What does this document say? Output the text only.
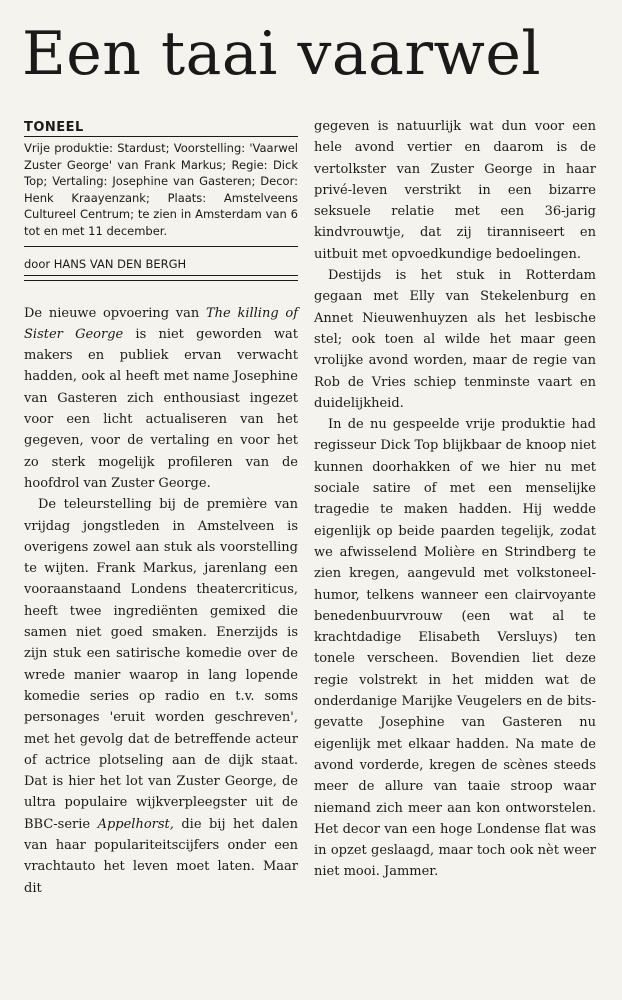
Een taai vaarwel
TONEEL

Vrije produktie: Stardust; Voorstelling: 'Vaarwel Zuster George' van Frank Markus; Regie: Dick Top; Vertaling: Josephine van Gasteren; Decor: Henk Kraayenzank; Plaats: Amstelveens Cultureel Centrum; te zien in Amsterdam van 6 tot en met 11 december.

door HANS VAN DEN BERGH

De nieuwe opvoering van The killing of Sister George is niet geworden wat makers en publiek ervan verwacht hadden, ook al heeft met name Josephine van Gasteren zich enthousiast ingezet voor een licht actualiseren van het gegeven, voor de vertaling en voor het zo sterk mogelijk profileren van de hoofdrol van Zuster George.

De teleurstelling bij de première van vrijdag jongstleden in Amstelveen is overigens zowel aan stuk als voorstelling te wijten. Frank Markus, jarenlang een vooraanstaand Londens theatercriticus, heeft twee ingrediënten gemixed die samen niet goed smaken. Enerzijds is zijn stuk een satirische komedie over de wrede manier waarop in lang lopende komedie series op radio en t.v. soms personages 'eruit worden geschreven', met het gevolg dat de betreffende acteur of actrice plotseling aan de dijk staat. Dat is hier het lot van Zuster George, de ultra populaire wijkverpleegster uit de BBC-serie Appelhorst, die bij het dalen van haar populariteitscijfers onder een vrachtauto het leven moet laten. Maar dit

gegeven is natuurlijk wat dun voor een hele avond vertier en daarom is de vertolkster van Zuster George in haar privé-leven verstrikt in een bizarre seksuele relatie met een 36-jarig kindvrouwtje, dat zij tiranniseert en uitbuit met opvoedkundige bedoelingen.

Destijds is het stuk in Rotterdam gegaan met Elly van Stekelenburg en Annet Nieuwenhuyzen als het lesbische stel; ook toen al wilde het maar geen vrolijke avond worden, maar de regie van Rob de Vries schiep tenminste vaart en duidelijkheid.

In de nu gespeelde vrije produktie had regisseur Dick Top blijkbaar de knoop niet kunnen doorhakken of we hier nu met sociale satire of met een menselijke tragedie te maken hadden. Hij wedde eigenlijk op beide paarden tegelijk, zodat we afwisselend Molière en Strindberg te zien kregen, aangevuld met volkstoneel-humor, telkens wanneer een clairvoyante benedenbuurvrouw (een wat al te krachtdadige Elisabeth Versluys) ten tonele verscheen. Bovendien liet deze regie volstrekt in het midden wat de onderdanige Marijke Veugelers en de bits-gevatte Josephine van Gasteren nu eigenlijk met elkaar hadden. Na mate de avond vorderde, kregen de scènes steeds meer de allure van taaie stroop waar niemand zich meer aan kon ontworstelen. Het decor van een hoge Londense flat was in opzet geslaagd, maar toch ook nèt weer niet mooi. Jammer.
